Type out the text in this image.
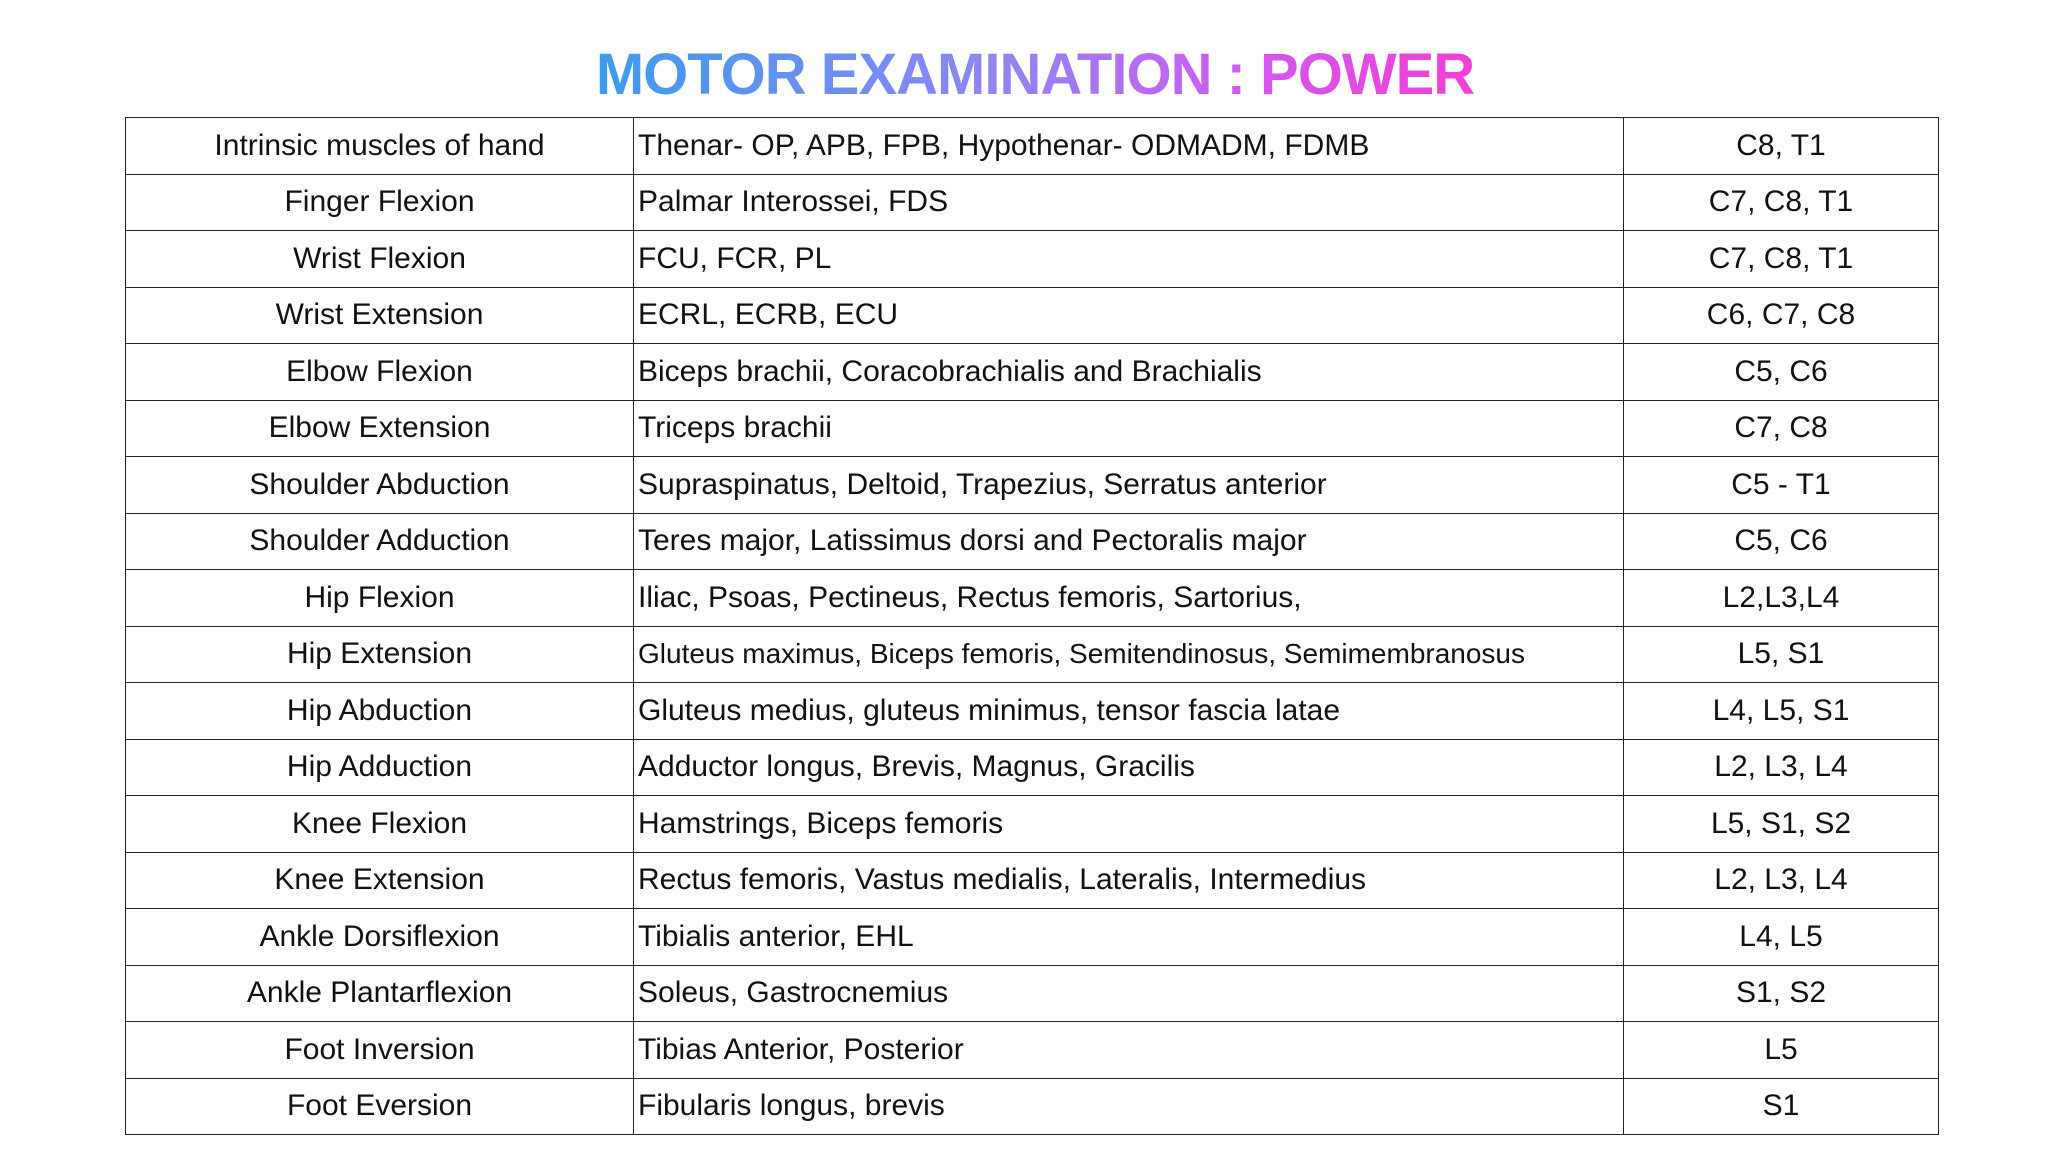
MOTOR EXAMINATION : POWER
Intrinsic muscles of hand	Thenar- OP, APB, FPB, Hypothenar- ODMADM, FDMB	C8, T1
Finger Flexion	Palmar Interossei, FDS	C7, C8, T1
Wrist Flexion	FCU, FCR, PL	C7, C8, T1
Wrist Extension	ECRL, ECRB, ECU	C6, C7, C8
Elbow Flexion	Biceps brachii, Coracobrachialis and Brachialis	C5, C6
Elbow Extension	Triceps brachii	C7, C8
Shoulder Abduction	Supraspinatus, Deltoid, Trapezius, Serratus anterior	C5 - T1
Shoulder Adduction	Teres major, Latissimus dorsi and Pectoralis major	C5, C6
Hip Flexion	Iliac, Psoas, Pectineus, Rectus femoris, Sartorius,	L2,L3,L4
Hip Extension	Gluteus maximus, Biceps femoris, Semitendinosus, Semimembranosus	L5, S1
Hip Abduction	Gluteus medius, gluteus minimus, tensor fascia latae	L4, L5, S1
Hip Adduction	Adductor longus, Brevis, Magnus, Gracilis	L2, L3, L4
Knee Flexion	Hamstrings, Biceps femoris	L5, S1, S2
Knee Extension	Rectus femoris, Vastus medialis, Lateralis, Intermedius	L2, L3, L4
Ankle Dorsiflexion	Tibialis anterior, EHL	L4, L5
Ankle Plantarflexion	Soleus, Gastrocnemius	S1, S2
Foot Inversion	Tibias Anterior, Posterior	L5
Foot Eversion	Fibularis longus, brevis	S1
